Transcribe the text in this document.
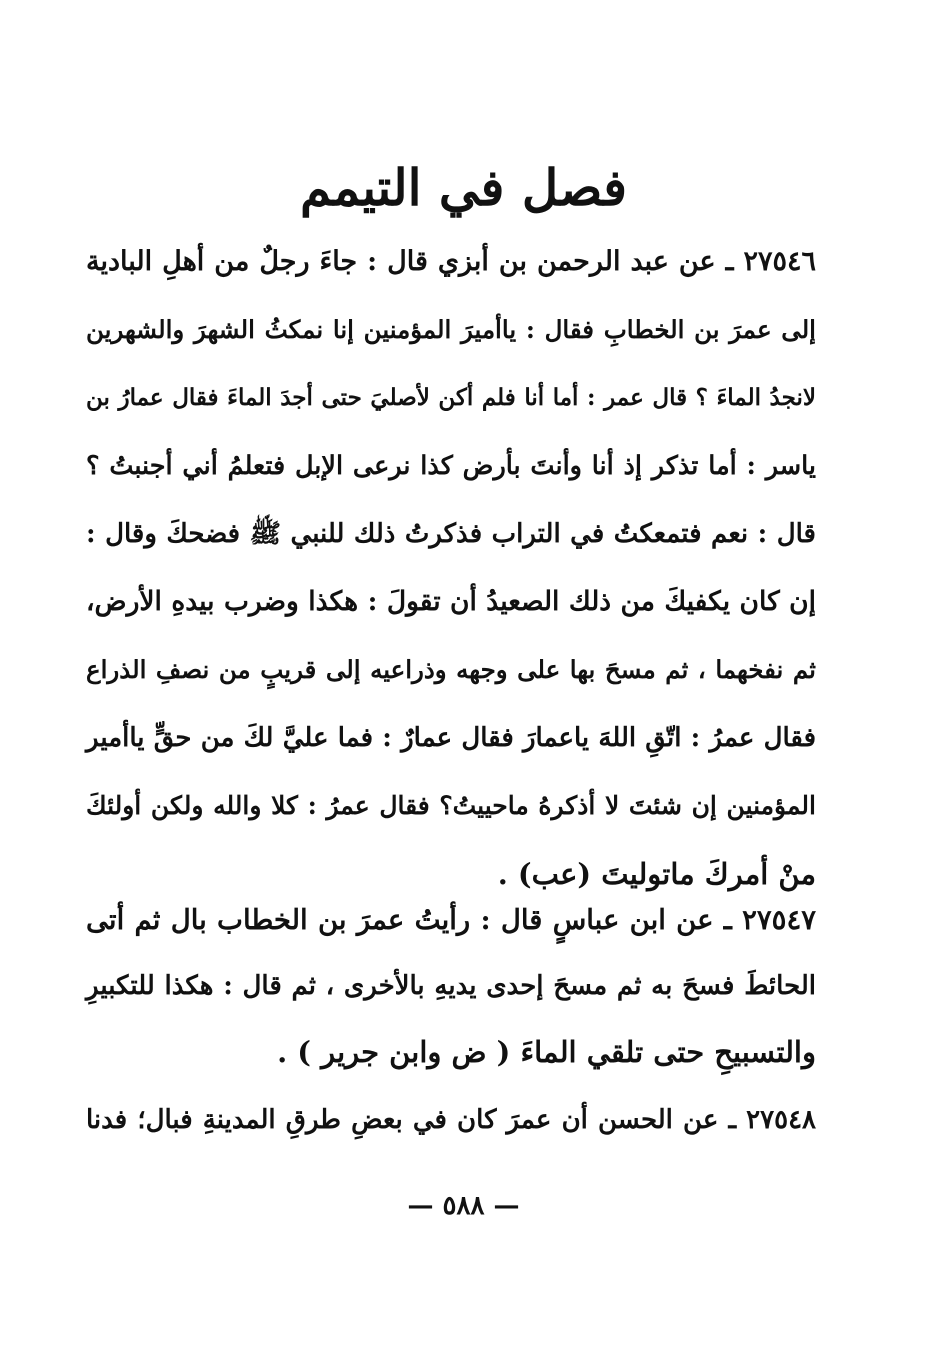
فصل في التيمم
٢٧٥٤٦ ـ عن عبد الرحمن بن أبزي قال : جاءَ رجلٌ من أهلِ البادية
إلى عمرَ بن الخطابِ فقال : ياأميرَ المؤمنين إنا نمكثُ الشهرَ والشهرين
لانجدُ الماءَ ؟ قال عمر : أما أنا فلم أكن لأصليَ حتى أجدَ الماءَ فقال عمارُ بن
ياسر : أما تذكر إذ أنا وأنتَ بأرض كذا نرعى الإبل فتعلمُ أني أجنبتُ ؟
قال : نعم فتمعكتُ في التراب فذكرتُ ذلك للنبي ﷺ فضحكَ وقال :
إن كان يكفيكَ من ذلك الصعيدُ أن تقولَ : هكذا وضرب بيدهِ الأرض،
ثم نفخهما ، ثم مسحَ بها على وجهه وذراعيه إلى قريبٍ من نصفِ الذراع
فقال عمرُ : اتّقِ اللهَ ياعمارَ فقال عمارٌ : فما عليَّ لكَ من حقٍّ ياأمير
المؤمنين إن شئتَ لا أذكرهُ ماحييتُ؟ فقال عمرُ : كلا والله ولكن أولئكَ
منْ أمركَ ماتوليتَ (عب) .
٢٧٥٤٧ ـ عن ابن عباسٍ قال : رأيتُ عمرَ بن الخطاب بال ثم أتى
الحائطَ فسحَ به ثم مسحَ إحدى يديهِ بالأخرى ، ثم قال : هكذا للتكبيرِ
والتسبيحِ حتى تلقي الماءَ ( ض وابن جرير ) .
٢٧٥٤٨ ـ عن الحسن أن عمرَ كان في بعضِ طرقِ المدينةِ فبال؛ فدنا
— ٥٨٨ —
